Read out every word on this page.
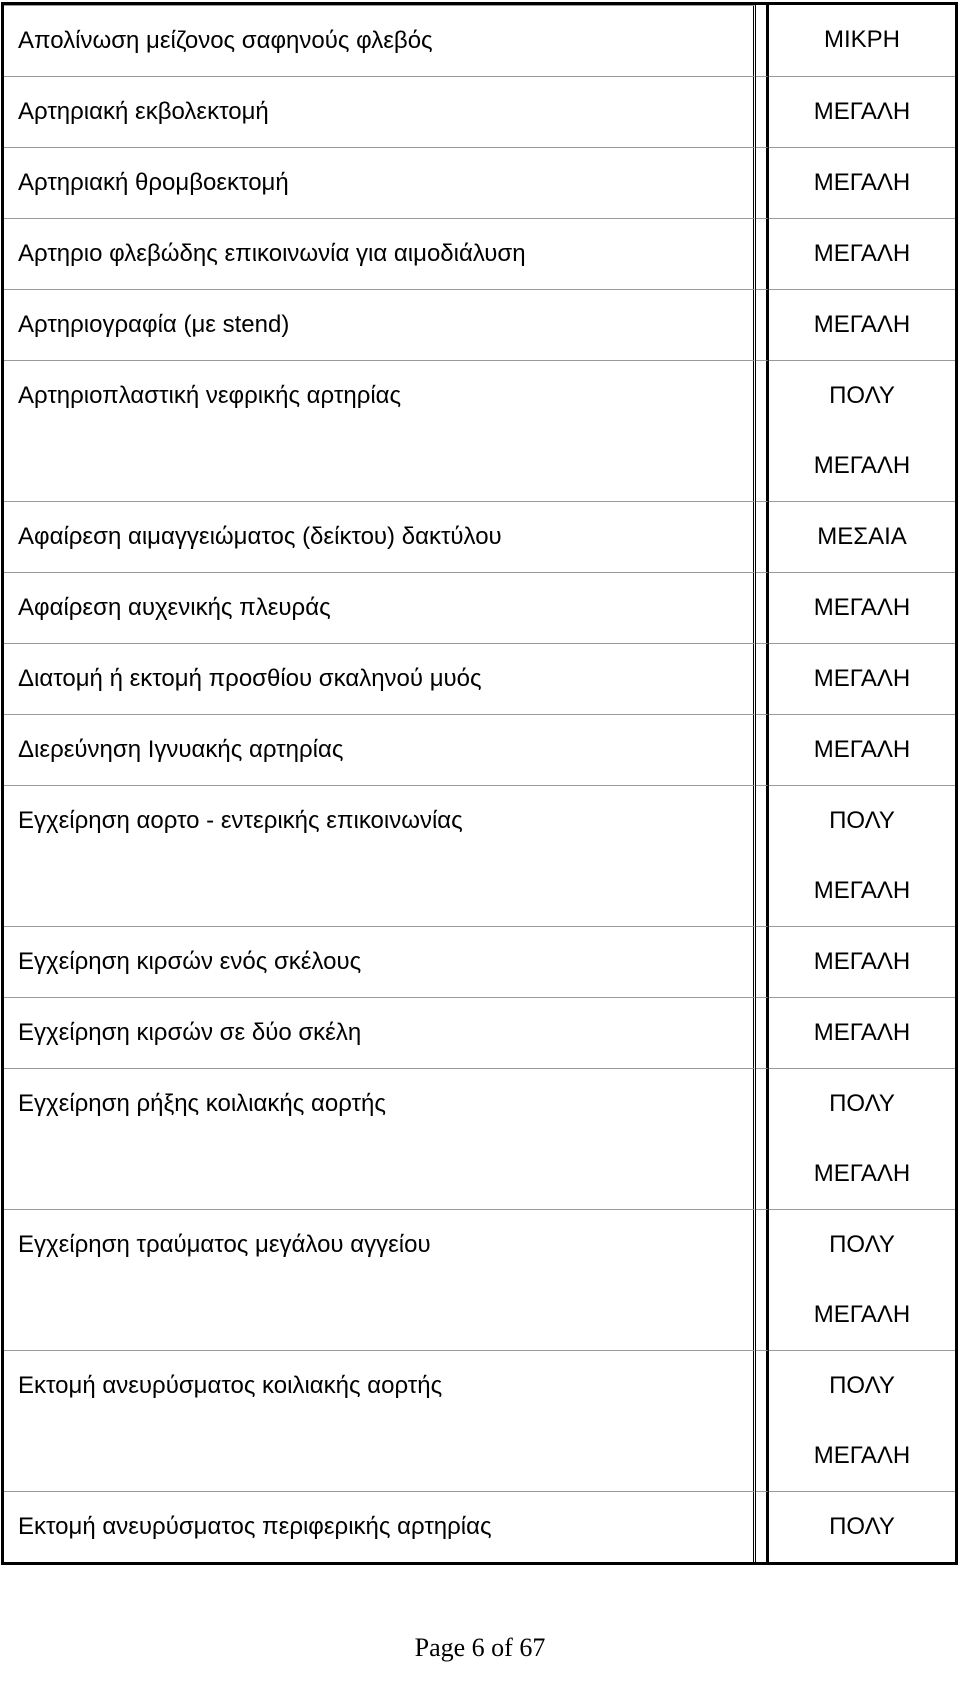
Απολίνωση μείζονος σαφηνούς φλεβός		ΜΙΚΡΗ

Αρτηριακή εκβολεκτομή		ΜΕΓΑΛΗ

Αρτηριακή θρομβοεκτομή		ΜΕΓΑΛΗ

Αρτηριο φλεβώδης επικοινωνία για αιμοδιάλυση		ΜΕΓΑΛΗ

Αρτηριογραφία (με stend)		ΜΕΓΑΛΗ

Αρτηριοπλαστική νεφρικής αρτηρίας		ΠΟΛΥ
ΜΕΓΑΛΗ

Αφαίρεση αιμαγγειώματος (δείκτου) δακτύλου		ΜΕΣΑΙΑ

Αφαίρεση αυχενικής πλευράς		ΜΕΓΑΛΗ

Διατομή ή εκτομή προσθίου σκαληνού μυός		ΜΕΓΑΛΗ

Διερεύνηση Ιγνυακής αρτηρίας		ΜΕΓΑΛΗ

Εγχείρηση αορτο - εντερικής επικοινωνίας		ΠΟΛΥ
ΜΕΓΑΛΗ

Εγχείρηση κιρσών ενός σκέλους		ΜΕΓΑΛΗ

Εγχείρηση κιρσών σε δύο σκέλη		ΜΕΓΑΛΗ

Εγχείρηση ρήξης κοιλιακής αορτής		ΠΟΛΥ
ΜΕΓΑΛΗ

Εγχείρηση τραύματος μεγάλου αγγείου		ΠΟΛΥ
ΜΕΓΑΛΗ

Εκτομή ανευρύσματος κοιλιακής αορτής		ΠΟΛΥ
ΜΕΓΑΛΗ

Εκτομή ανευρύσματος περιφερικής αρτηρίας		ΠΟΛΥ
Page 6 of 67
